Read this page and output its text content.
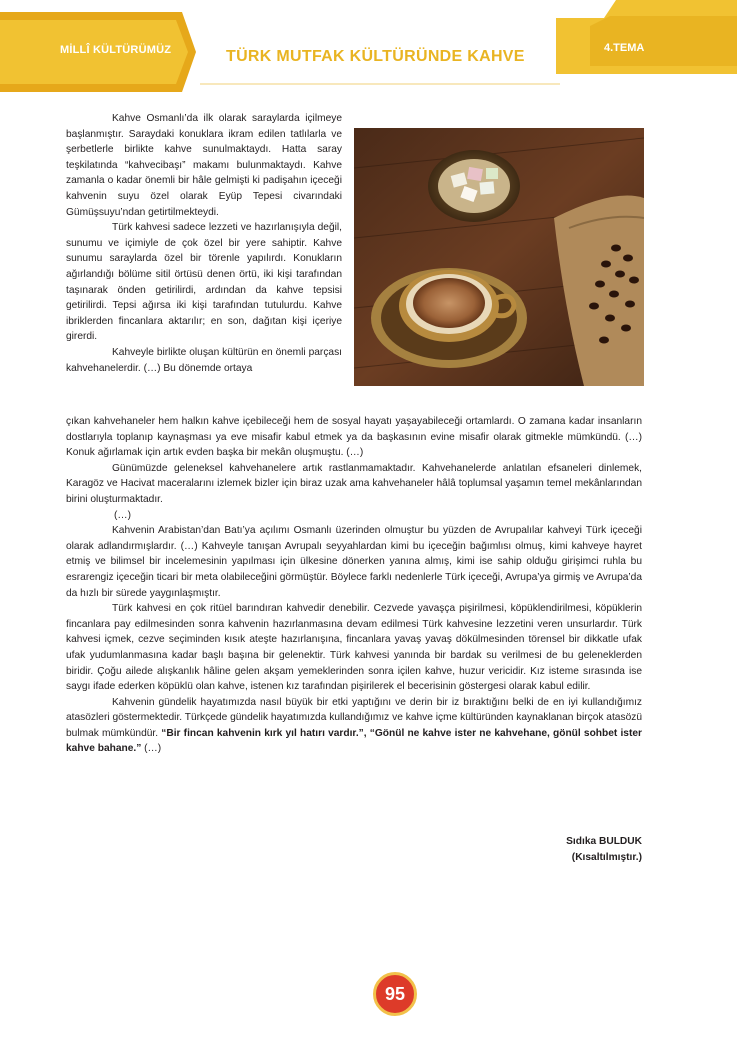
MİLLÎ KÜLTÜRÜMÜZ	TÜRK MUTFAK KÜLTÜRÜNDE KAHVE	4.TEMA

Kahve Osmanlı’da ilk olarak saraylarda içilmeye başlanmıştır. Saraydaki konuklara ikram edilen tatlılarla ve şerbetlerle birlikte kahve sunulmaktaydı. Hatta saray teşkilatında “kahvecibaşı” makamı bulunmaktaydı. Kahve zamanla o kadar önemli bir hâle gelmişti ki padişahın içeceği kahvenin suyu özel olarak Eyüp Tepesi civarındaki Gümüşsuyu’ndan getirtilmekteydi.

Türk kahvesi sadece lezzeti ve hazırlanışıyla değil, sunumu ve içimiyle de çok özel bir yere sahiptir. Kahve sunumu saraylarda özel bir törenle yapılırdı. Konukların ağırlandığı bölüme sitil örtüsü denen örtü, iki kişi tarafından taşınarak önden getirilirdi, ardından da kahve tepsisi getirilirdi. Tepsi ağırsa iki kişi tarafından tutulurdu. Kahve ibriklerden fincanlara aktarılır; en son, dağıtan kişi içeriye girerdi.

Kahveyle birlikte oluşan kültürün en önemli parçası kahvehanelerdir. (…) Bu dönemde ortaya

çıkan kahvehaneler hem halkın kahve içebileceği hem de sosyal hayatı yaşayabileceği ortamlardı. O zamana kadar insanların dostlarıyla toplanıp kaynaşması ya eve misafir kabul etmek ya da başkasının evine misafir olarak gitmekle mümkündü. (…) Konuk ağırlamak için artık evden başka bir mekân oluşmuştu. (…)

Günümüzde geleneksel kahvehanelere artık rastlanmamaktadır. Kahvehanelerde anlatılan efsaneleri dinlemek, Karagöz ve Hacivat maceralarını izlemek bizler için biraz uzak ama kahvehaneler hâlâ toplumsal yaşamın temel mekânlarından birini oluşturmaktadır.

(…)

Kahvenin Arabistan’dan Batı’ya açılımı Osmanlı üzerinden olmuştur bu yüzden de Avrupalılar kahveyi Türk içeceği olarak adlandırmışlardır. (…) Kahveyle tanışan Avrupalı seyyahlardan kimi bu içeceğin bağımlısı olmuş, kimi kahveye hayret etmiş ve bilimsel bir incelemesinin yapılması için ülkesine dönerken yanına almış, kimi ise sahip olduğu girişimci ruhla bu esrarengiz içeceğin ticari bir meta olabileceğini görmüştür. Böylece farklı nedenlerle Türk içeceği, Avrupa’ya girmiş ve Avrupa’da da hızlı bir sürede yaygınlaşmıştır.

Türk kahvesi en çok ritüel barındıran kahvedir denebilir. Cezvede yavaşça pişirilmesi, köpüklendirilmesi, köpüklerin fincanlara pay edilmesinden sonra kahvenin hazırlanmasına devam edilmesi Türk kahvesine lezzetini veren unsurlardır. Türk kahvesi içmek, cezve seçiminden kısık ateşte hazırlanışına, fincanlara yavaş yavaş dökülmesinden törensel bir dikkatle ufak ufak yudumlanmasına kadar başlı başına bir gelenektir. Türk kahvesi yanında bir bardak su verilmesi de bu geleneklerden biridir. Çoğu ailede alışkanlık hâline gelen akşam yemeklerinden sonra içilen kahve, huzur vericidir. Kız isteme sırasında ise saygı ifade ederken köpüklü olan kahve, istenen kız tarafından pişirilerek el becerisinin göstergesi olarak kabul edilir.

Kahvenin gündelik hayatımızda nasıl büyük bir etki yaptığını ve derin bir iz bıraktığını belki de en iyi kullandığımız atasözleri göstermektedir. Türkçede gündelik hayatımızda kullandığımız ve kahve içme kültüründen kaynaklanan birçok atasözü bulmak mümkündür. “Bir fincan kahvenin kırk yıl hatırı vardır.”, “Gönül ne kahve ister ne kahvehane, gönül sohbet ister kahve bahane.” (…)

Sıdıka BULDUK
(Kısaltılmıştır.)
95
